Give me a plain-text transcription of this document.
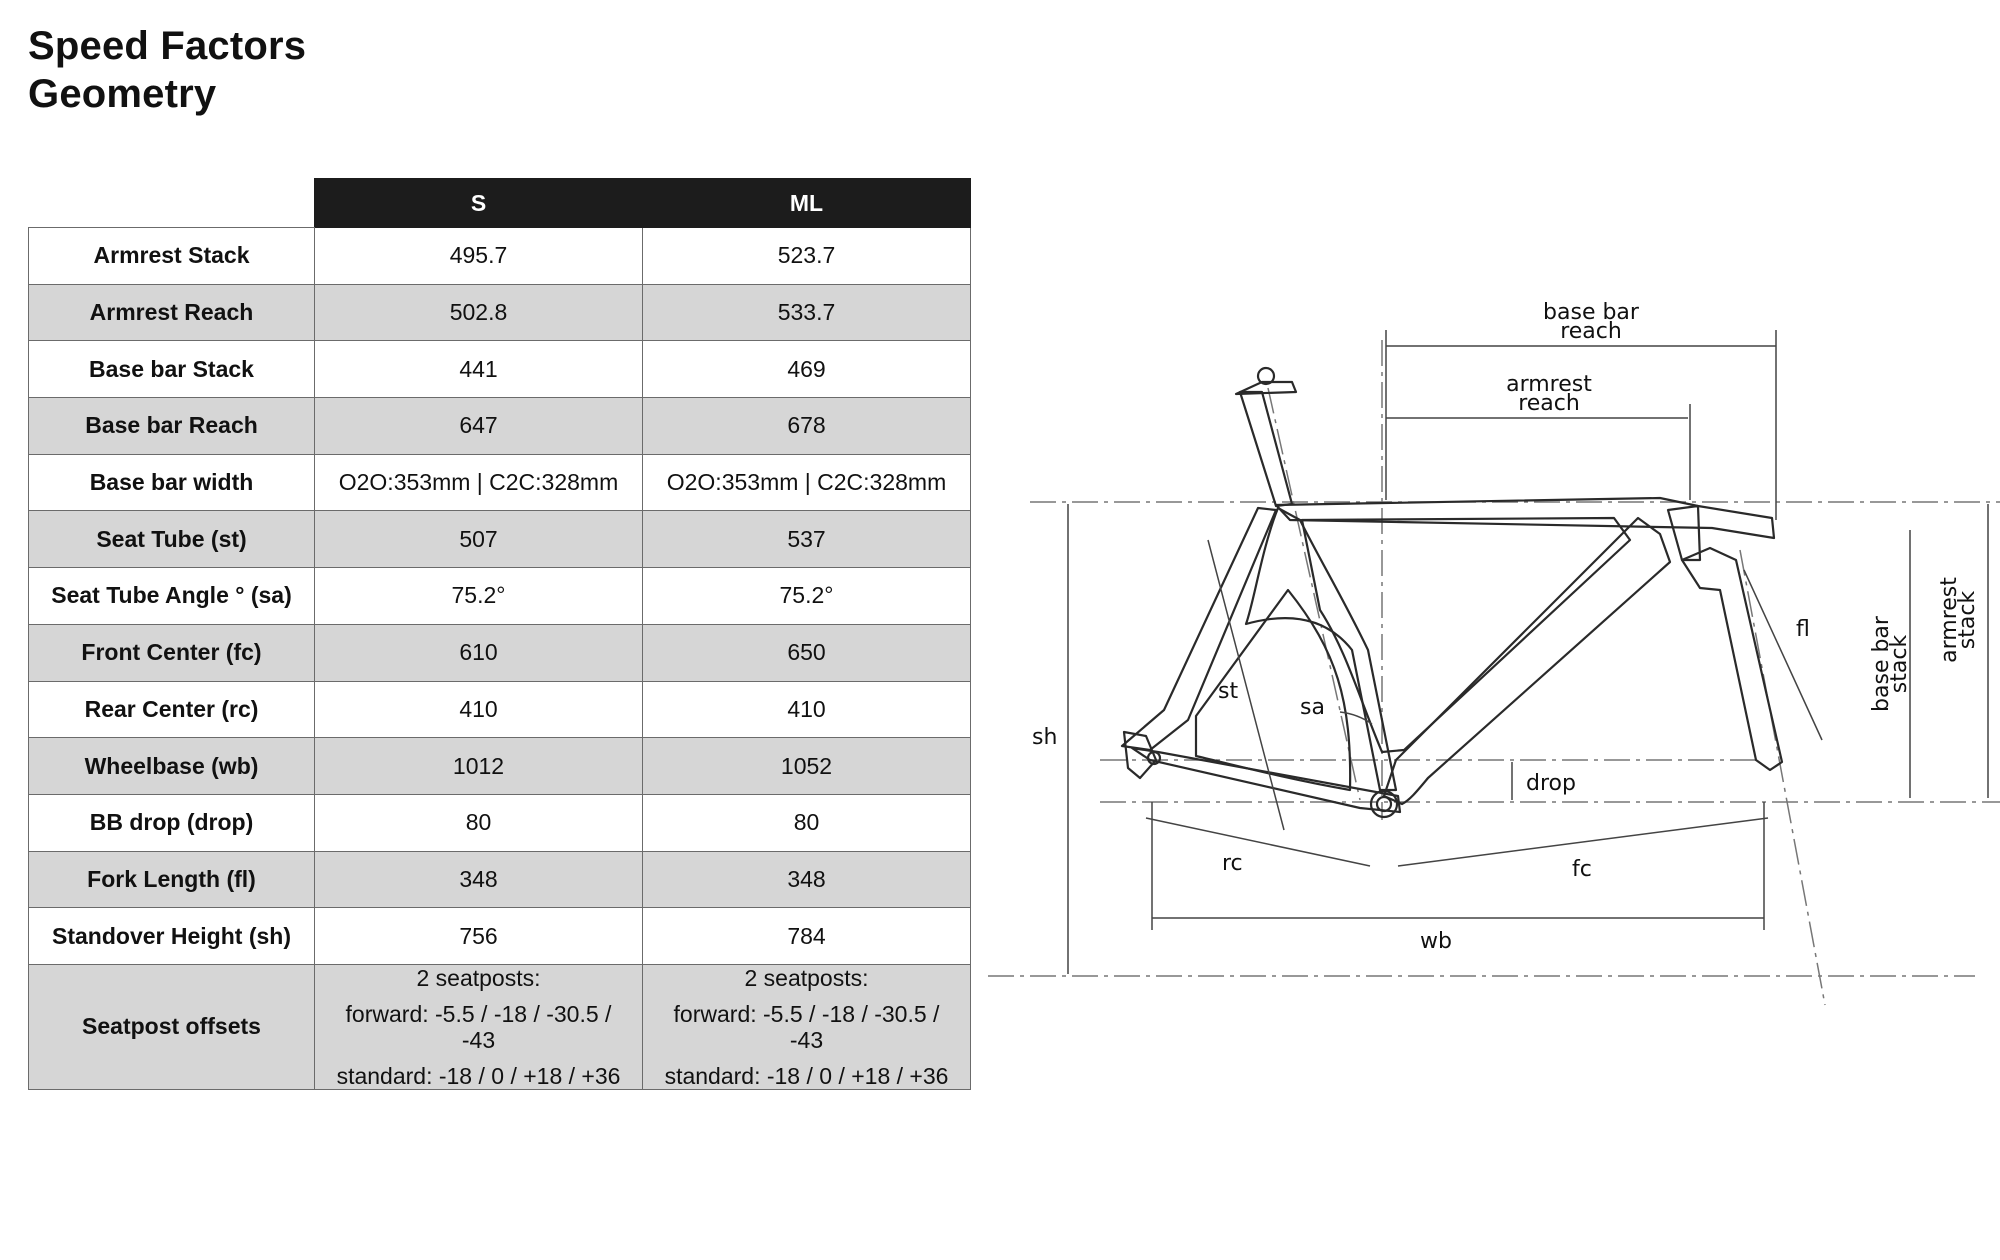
Speed Factors
Geometry
	S	ML
Armrest Stack	495.7	523.7
Armrest Reach	502.8	533.7
Base bar Stack	441	469
Base bar Reach	647	678
Base bar width	O2O:353mm | C2C:328mm	O2O:353mm | C2C:328mm
Seat Tube (st)	507	537
Seat Tube Angle ° (sa)	75.2°	75.2°
Front Center (fc)	610	650
Rear Center (rc)	410	410
Wheelbase (wb)	1012	1052
BB drop (drop)	80	80
Fork Length (fl)	348	348
Standover Height (sh)	756	784
Seatpost offsets	2 seatposts:
forward: -5.5 / -18 / -30.5 /
-43
standard: -18 / 0 / +18 / +36	2 seatposts:
forward: -5.5 / -18 / -30.5 /
-43
standard: -18 / 0 / +18 / +36
base bar
reach
armrest
reach
fl
st
sa
sh
drop
rc	fc
wb
base bar
stack
armrest
stack
